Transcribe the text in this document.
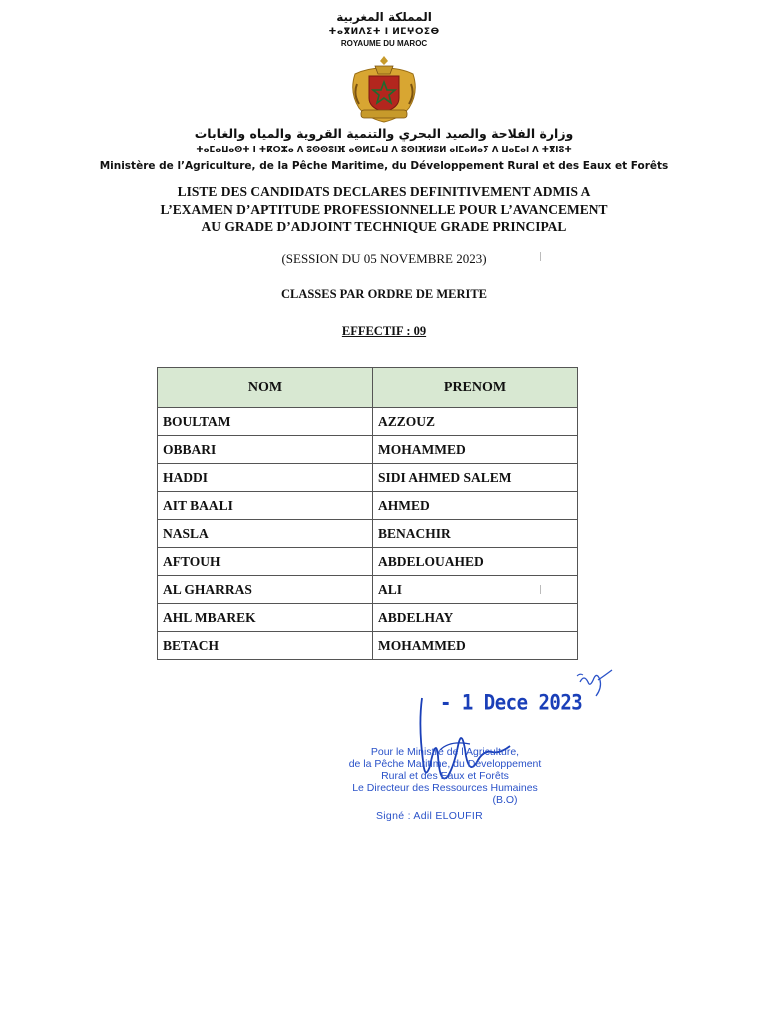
المملكة المغربية
ⵜⴰⴳⵍⴷⵉⵜ ⵏ ⵍⵎⵖⵔⵉⴱ
ROYAUME DU MAROC
وزارة الفلاحة والصيد البحري والتنمية القروية والمياه والغابات
ⵜⴰⵎⴰⵡⴰⵙⵜ ⵏ ⵜⴽⵔⵣⴰ ⴷ ⵓⵙⵙⵓⵏⴼ ⴰⵙⵍⵎⴰⵡ ⴷ ⵓⵙⵏⴼⵍⵓⵍ ⴰⵏⵎⴰⵍⴰⵢ ⴷ ⵡⴰⵎⴰⵏ ⴷ ⵜⴳⵏⵓⵜ
Ministère de l’Agriculture, de la Pêche Maritime, du Développement Rural et des Eaux et Forêts
LISTE DES CANDIDATS DECLARES DEFINITIVEMENT ADMIS A
L’EXAMEN D’APTITUDE PROFESSIONNELLE POUR L’AVANCEMENT
AU GRADE D’ADJOINT TECHNIQUE GRADE PRINCIPAL
(SESSION DU 05 NOVEMBRE 2023)
CLASSES PAR ORDRE DE MERITE
EFFECTIF : 09
NOM	PRENOM
BOULTAM	AZZOUZ
OBBARI	MOHAMMED
HADDI	SIDI AHMED SALEM
AIT BAALI	AHMED
NASLA	BENACHIR
AFTOUH	ABDELOUAHED
AL GHARRAS	ALI
AHL MBAREK	ABDELHAY
BETACH	MOHAMMED
- 1 Dece 2023
Pour le Ministre de l’Agriculture,
de la Pêche Maritime, du Développement
Rural et des Eaux et Forêts
Le Directeur des Ressources Humaines
(B.O)
Signé : Adil ELOUFIR
